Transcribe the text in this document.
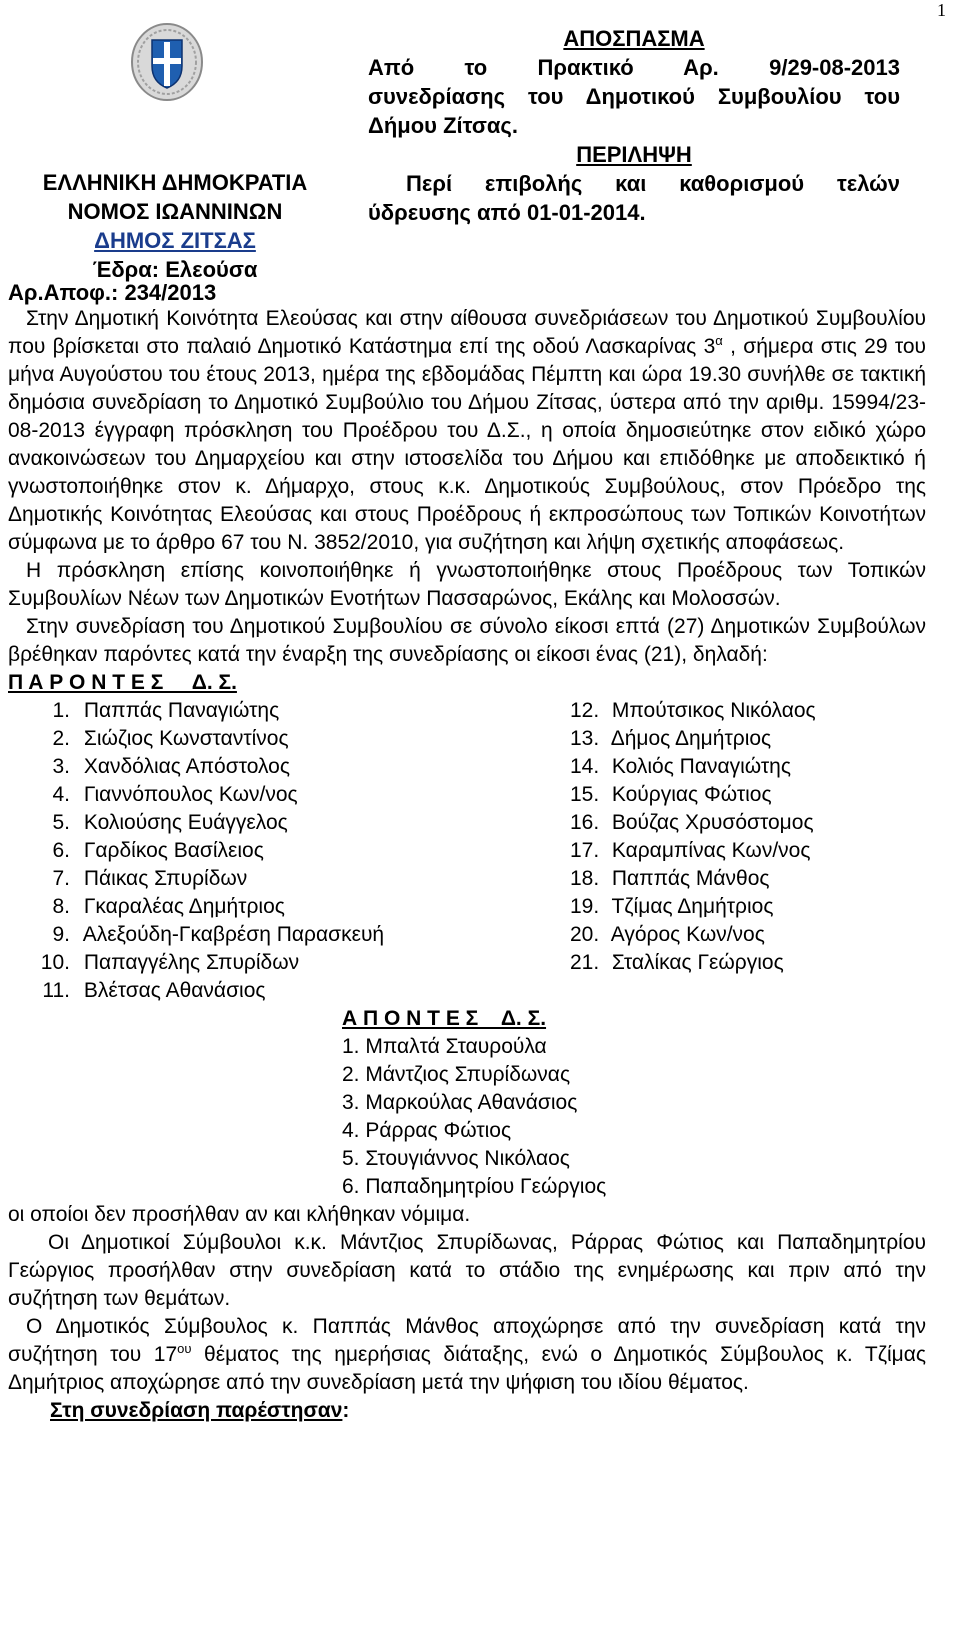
1
ΕΛΛΗΝΙΚΗ ΔΗΜΟΚΡΑΤΙΑ
ΝΟΜΟΣ ΙΩΑΝΝΙΝΩΝ
ΔΗΜΟΣ ΖΙΤΣΑΣ
Έδρα: Ελεούσα
Αρ.Αποφ.: 234/2013
ΑΠΟΣΠΑΣΜΑ
Από το Πρακτικό Αρ. 9/29-08-2013
συνεδρίασης του Δημοτικού Συμβουλίου του
Δήμου Ζίτσας.
ΠΕΡΙΛΗΨΗ
Περί επιβολής και καθορισμού τελών
ύδρευσης από 01-01-2014.

Στην Δημοτική Κοινότητα Ελεούσας και στην αίθουσα συνεδριάσεων του Δημοτικού Συμβουλίου που βρίσκεται στο παλαιό Δημοτικό Κατάστημα επί της οδού Λασκαρίνας $3^\alpha$ , σήμερα στις 29 του μήνα Αυγούστου του έτους 2013, ημέρα της εβδομάδας Πέμπτη και ώρα 19.30 συνήλθε σε τακτική δημόσια συνεδρίαση το Δημοτικό Συμβούλιο του Δήμου Ζίτσας, ύστερα από την αριθμ. 15994/23-08-2013 έγγραφη πρόσκληση του Προέδρου του Δ.Σ., η οποία δημοσιεύτηκε στον ειδικό χώρο ανακοινώσεων του Δημαρχείου και στην ιστοσελίδα του Δήμου και επιδόθηκε με αποδεικτικό ή γνωστοποιήθηκε στον κ. Δήμαρχο, στους κ.κ. Δημοτικούς Συμβούλους, στον Πρόεδρο της Δημοτικής Κοινότητας Ελεούσας και στους Προέδρους ή εκπροσώπους των Τοπικών Κοινοτήτων σύμφωνα με το άρθρο 67 του Ν. 3852/2010, για συζήτηση και λήψη σχετικής αποφάσεως.

Η πρόσκληση επίσης κοινοποιήθηκε ή γνωστοποιήθηκε στους Προέδρους των Τοπικών Συμβουλίων Νέων των Δημοτικών Ενοτήτων Πασσαρώνος, Εκάλης και Μολοσσών.

Στην συνεδρίαση του Δημοτικού Συμβουλίου σε σύνολο είκοσι επτά (27) Δημοτικών Συμβούλων βρέθηκαν παρόντες κατά την έναρξη της συνεδρίασης οι είκοσι ένας (21), δηλαδή:

Π Α Ρ Ο Ν Τ Ε Σ     Δ. Σ.

1. Παππάς Παναγιώτης
2. Σιώζιος Κωνσταντίνος
3. Χανδόλιας Απόστολος
4. Γιαννόπουλος Κων/νος
5. Κολιούσης Ευάγγελος
6. Γαρδίκος Βασίλειος
7. Πάικας Σπυρίδων
8. Γκαραλέας Δημήτριος
9. Αλεξούδη-Γκαβρέση Παρασκευή
10. Παπαγγέλης Σπυρίδων
11. Βλέτσας Αθανάσιος
12. Μπούτσικος Νικόλαος
13. Δήμος Δημήτριος
14. Κολιός Παναγιώτης
15. Κούργιας Φώτιος
16. Βούζας Χρυσόστομος
17. Καραμπίνας Κων/νος
18. Παππάς Μάνθος
19. Τζίμας Δημήτριος
20. Αγόρος Κων/νος
21. Σταλίκας Γεώργιος
Α Π Ο Ν Τ Ε Σ    Δ. Σ.
1. Μπαλτά Σταυρούλα
2. Μάντζιος Σπυρίδωνας
3. Μαρκούλας Αθανάσιος
4. Ράρρας Φώτιος
5. Στουγιάννος Νικόλαος
6. Παπαδημητρίου Γεώργιος

οι οποίοι δεν προσήλθαν αν και κλήθηκαν νόμιμα.

Οι Δημοτικοί Σύμβουλοι κ.κ. Μάντζιος Σπυρίδωνας, Ράρρας Φώτιος και Παπαδημητρίου Γεώργιος προσήλθαν στην συνεδρίαση κατά το στάδιο της ενημέρωσης και πριν από την συζήτηση των θεμάτων.

Ο Δημοτικός Σύμβουλος κ. Παππάς Μάνθος αποχώρησε από την συνεδρίαση κατά την συζήτηση του $17^{o\upsilon}$ θέματος της ημερήσιας διάταξης, ενώ ο Δημοτικός Σύμβουλος κ. Τζίμας Δημήτριος αποχώρησε από την συνεδρίαση μετά την ψήφιση του ιδίου θέματος.

Στη συνεδρίαση παρέστησαν:
